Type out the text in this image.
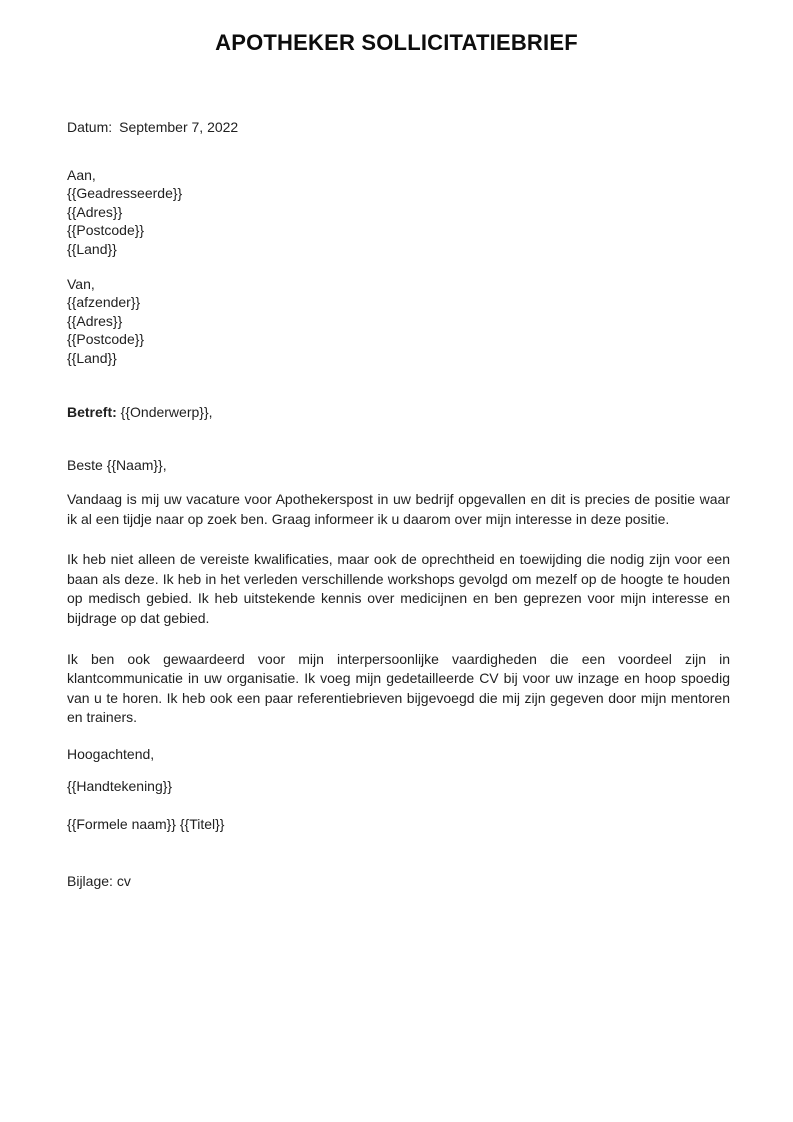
APOTHEKER SOLLICITATIEBRIEF

Datum: September 7, 2022

Aan,
{{Geadresseerde}}
{{Adres}}
{{Postcode}}
{{Land}}
Van,
{{afzender}}
{{Adres}}
{{Postcode}}
{{Land}}

Betreft: {{Onderwerp}},

Beste {{Naam}},

Vandaag is mij uw vacature voor Apothekerspost in uw bedrijf opgevallen en dit is precies de positie waar ik al een tijdje naar op zoek ben. Graag informeer ik u daarom over mijn interesse in deze positie.

Ik heb niet alleen de vereiste kwalificaties, maar ook de oprechtheid en toewijding die nodig zijn voor een baan als deze. Ik heb in het verleden verschillende workshops gevolgd om mezelf op de hoogte te houden op medisch gebied. Ik heb uitstekende kennis over medicijnen en ben geprezen voor mijn interesse en bijdrage op dat gebied.

Ik ben ook gewaardeerd voor mijn interpersoonlijke vaardigheden die een voordeel zijn in klantcommunicatie in uw organisatie. Ik voeg mijn gedetailleerde CV bij voor uw inzage en hoop spoedig van u te horen. Ik heb ook een paar referentiebrieven bijgevoegd die mij zijn gegeven door mijn mentoren en trainers.

Hoogachtend,

{{Handtekening}}

{{Formele naam}} {{Titel}}

Bijlage: cv
